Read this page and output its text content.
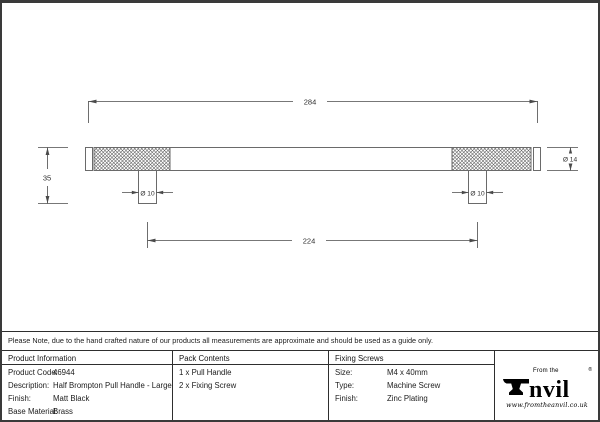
284
35
Ø 10	Ø 10
224
Ø 14
Please Note, due to the hand crafted nature of our products all measurements are approximate and should be used as a guide only.
Product Information
Product Code:
46944
Description: Half Brompton Pull Handle - Large
Finish:	Matt Black
Base Material:
Brass
Pack Contents
1 x Pull Handle
2 x Fixing Screw
Fixing Screws
Size:	M4 x 40mm
Type:	Machine Screw
Finish:	Zinc Plating
From the
nvil
®
www.fromtheanvil.co.uk
